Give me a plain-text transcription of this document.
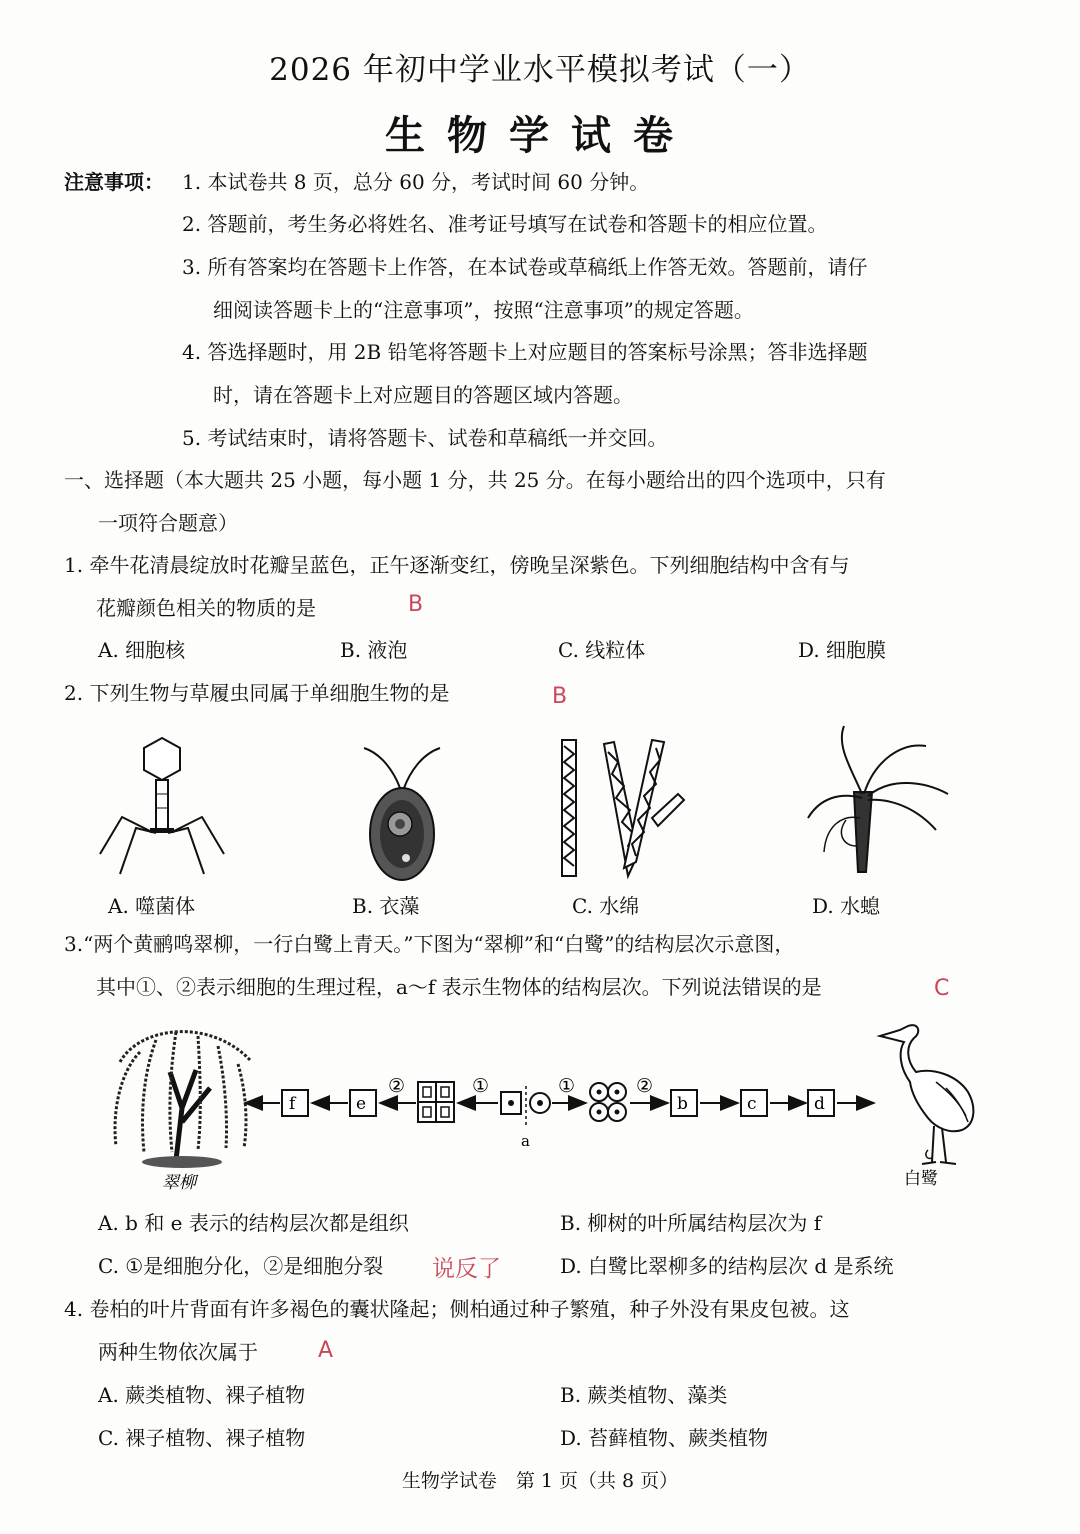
2026 年初中学业水平模拟考试（一）
生物学试卷
注意事项： 1. 本试卷共 8 页，总分 60 分，考试时间 60 分钟。
2. 答题前，考生务必将姓名、准考证号填写在试卷和答题卡的相应位置。
3. 所有答案均在答题卡上作答，在本试卷或草稿纸上作答无效。答题前，请仔
细阅读答题卡上的“注意事项”，按照“注意事项”的规定答题。
4. 答选择题时，用 2B 铅笔将答题卡上对应题目的答案标号涂黑；答非选择题
时，请在答题卡上对应题目的答题区域内答题。
5. 考试结束时，请将答题卡、试卷和草稿纸一并交回。
一、选择题（本大题共 25 小题，每小题 1 分，共 25 分。在每小题给出的四个选项中，只有
一项符合题意）
1. 牵牛花清晨绽放时花瓣呈蓝色，正午逐渐变红，傍晚呈深紫色。下列细胞结构中含有与
花瓣颜色相关的物质的是	B
A. 细胞核	B. 液泡	C. 线粒体	D. 细胞膜
2. 下列生物与草履虫同属于单细胞生物的是	B
A. 噬菌体	B. 衣藻	C. 水绵	D. 水螅
3.“两个黄鹂鸣翠柳，一行白鹭上青天。”下图为“翠柳”和“白鹭”的结构层次示意图，
其中①、②表示细胞的生理过程，a～f 表示生物体的结构层次。下列说法错误的是	C
翠柳
f	e
②	①
a
①	②
b	c	d
白鹭
A. b 和 e 表示的结构层次都是组织	B. 柳树的叶所属结构层次为 f
C. ①是细胞分化，②是细胞分裂 说反了	D. 白鹭比翠柳多的结构层次 d 是系统
4. 卷柏的叶片背面有许多褐色的囊状隆起；侧柏通过种子繁殖，种子外没有果皮包被。这
两种生物依次属于	A
A. 蕨类植物、裸子植物	B. 蕨类植物、藻类
C. 裸子植物、裸子植物	D. 苔藓植物、蕨类植物
生物学试卷　第 1 页（共 8 页）
